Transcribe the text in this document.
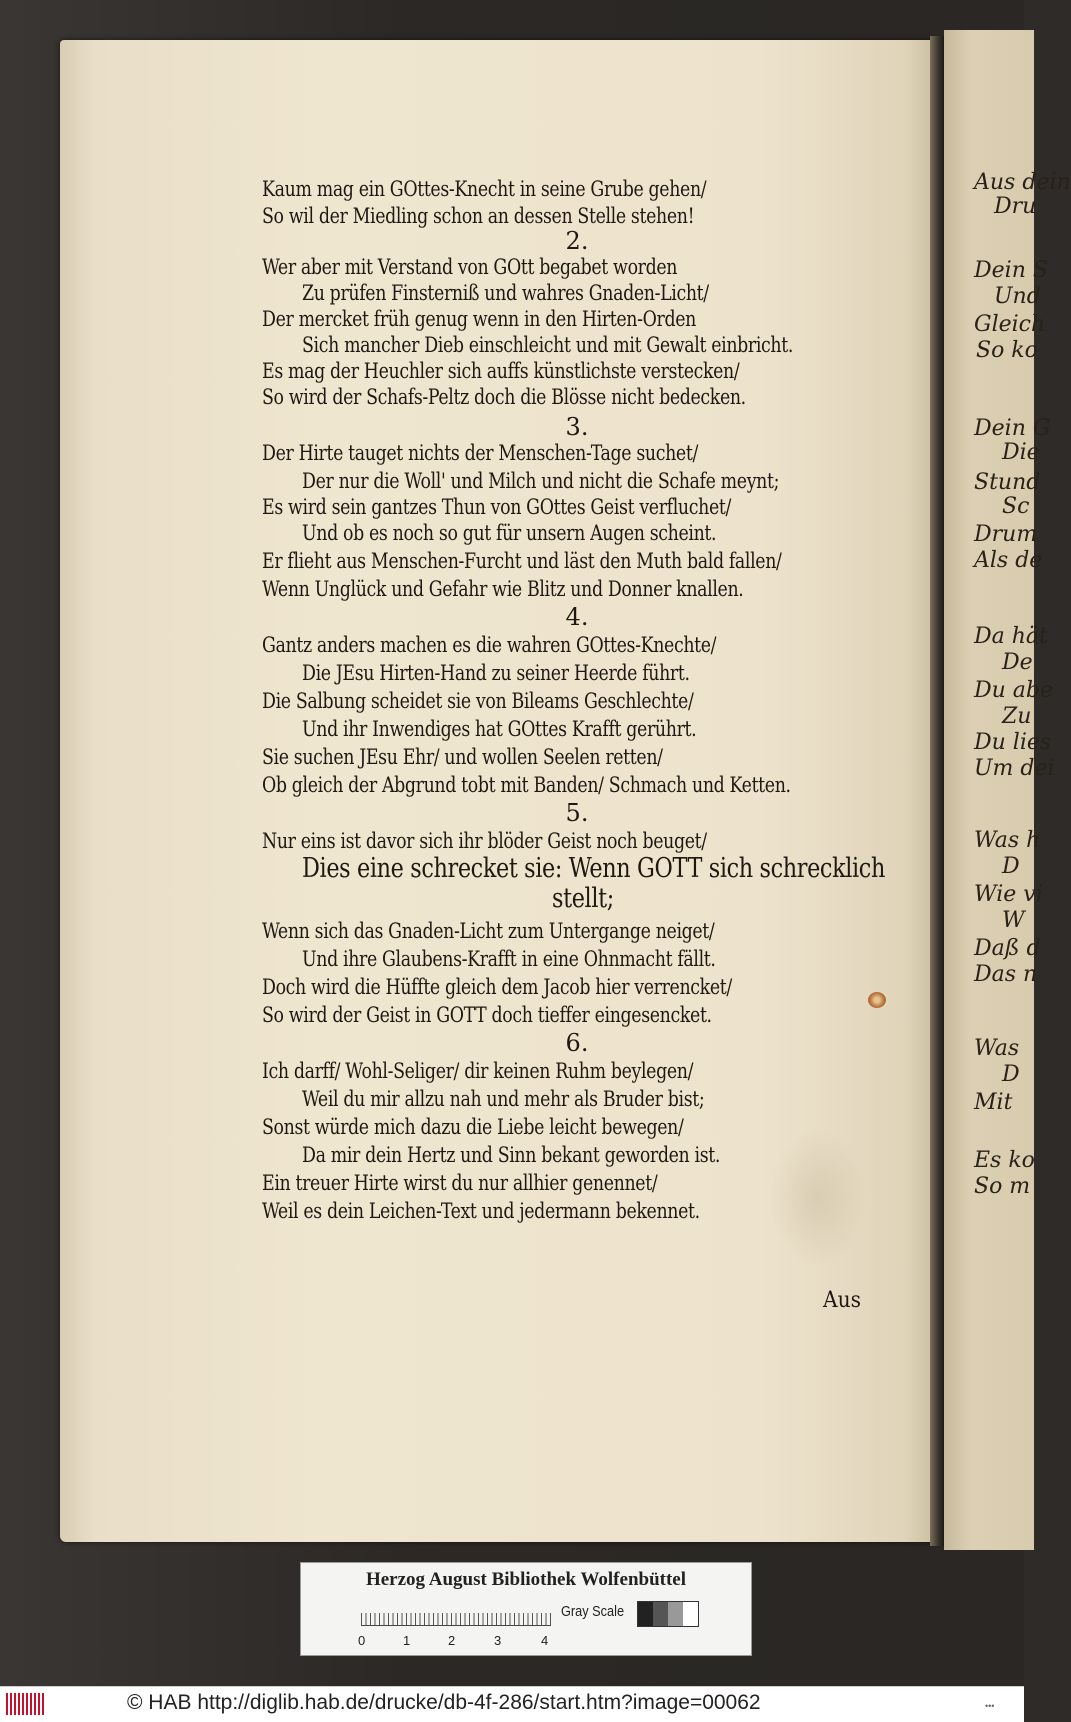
Aus dein
Dru
Dein S
Und
Gleich
So ko
Dein G
Die
Stund
Sc
Drum
Als de
Da hät
De
Du abe
Zu
Du lies
Um dei
Was h
D
Wie vi
W
Daß d
Das n
Was
D
Mit
Es ko
So m
Kaum mag ein GOttes-Knecht in seine Grube gehen/
So wil der Miedling schon an dessen Stelle stehen!
2.
Wer aber mit Verstand von GOtt begabet worden
Zu prüfen Finsterniß und wahres Gnaden-Licht/
Der mercket früh genug wenn in den Hirten-Orden
Sich mancher Dieb einschleicht und mit Gewalt einbricht.
Es mag der Heuchler sich auffs künstlichste verstecken/
So wird der Schafs-Peltz doch die Blösse nicht bedecken.
3.
Der Hirte tauget nichts der Menschen-Tage suchet/
Der nur die Woll' und Milch und nicht die Schafe meynt;
Es wird sein gantzes Thun von GOttes Geist verfluchet/
Und ob es noch so gut für unsern Augen scheint.
Er flieht aus Menschen-Furcht und läst den Muth bald fallen/
Wenn Unglück und Gefahr wie Blitz und Donner knallen.
4.
Gantz anders machen es die wahren GOttes-Knechte/
Die JEsu Hirten-Hand zu seiner Heerde führt.
Die Salbung scheidet sie von Bileams Geschlechte/
Und ihr Inwendiges hat GOttes Krafft gerührt.
Sie suchen JEsu Ehr/ und wollen Seelen retten/
Ob gleich der Abgrund tobt mit Banden/ Schmach und Ketten.
5.
Nur eins ist davor sich ihr blöder Geist noch beuget/
Dies eine schrecket sie: Wenn GOTT sich schrecklich
stellt;
Wenn sich das Gnaden-Licht zum Untergange neiget/
Und ihre Glaubens-Krafft in eine Ohnmacht fällt.
Doch wird die Hüffte gleich dem Jacob hier verrencket/
So wird der Geist in GOTT doch tieffer eingesencket.
6.
Ich darff/ Wohl-Seliger/ dir keinen Ruhm beylegen/
Weil du mir allzu nah und mehr als Bruder bist;
Sonst würde mich dazu die Liebe leicht bewegen/
Da mir dein Hertz und Sinn bekant geworden ist.
Ein treuer Hirte wirst du nur allhier genennet/
Weil es dein Leichen-Text und jedermann bekennet.
Aus
Herzog August Bibliothek Wolfenbüttel
0	1	2	3	4
Gray Scale
© HAB http://diglib.hab.de/drucke/db-4f-286/start.htm?image=00062	•••
